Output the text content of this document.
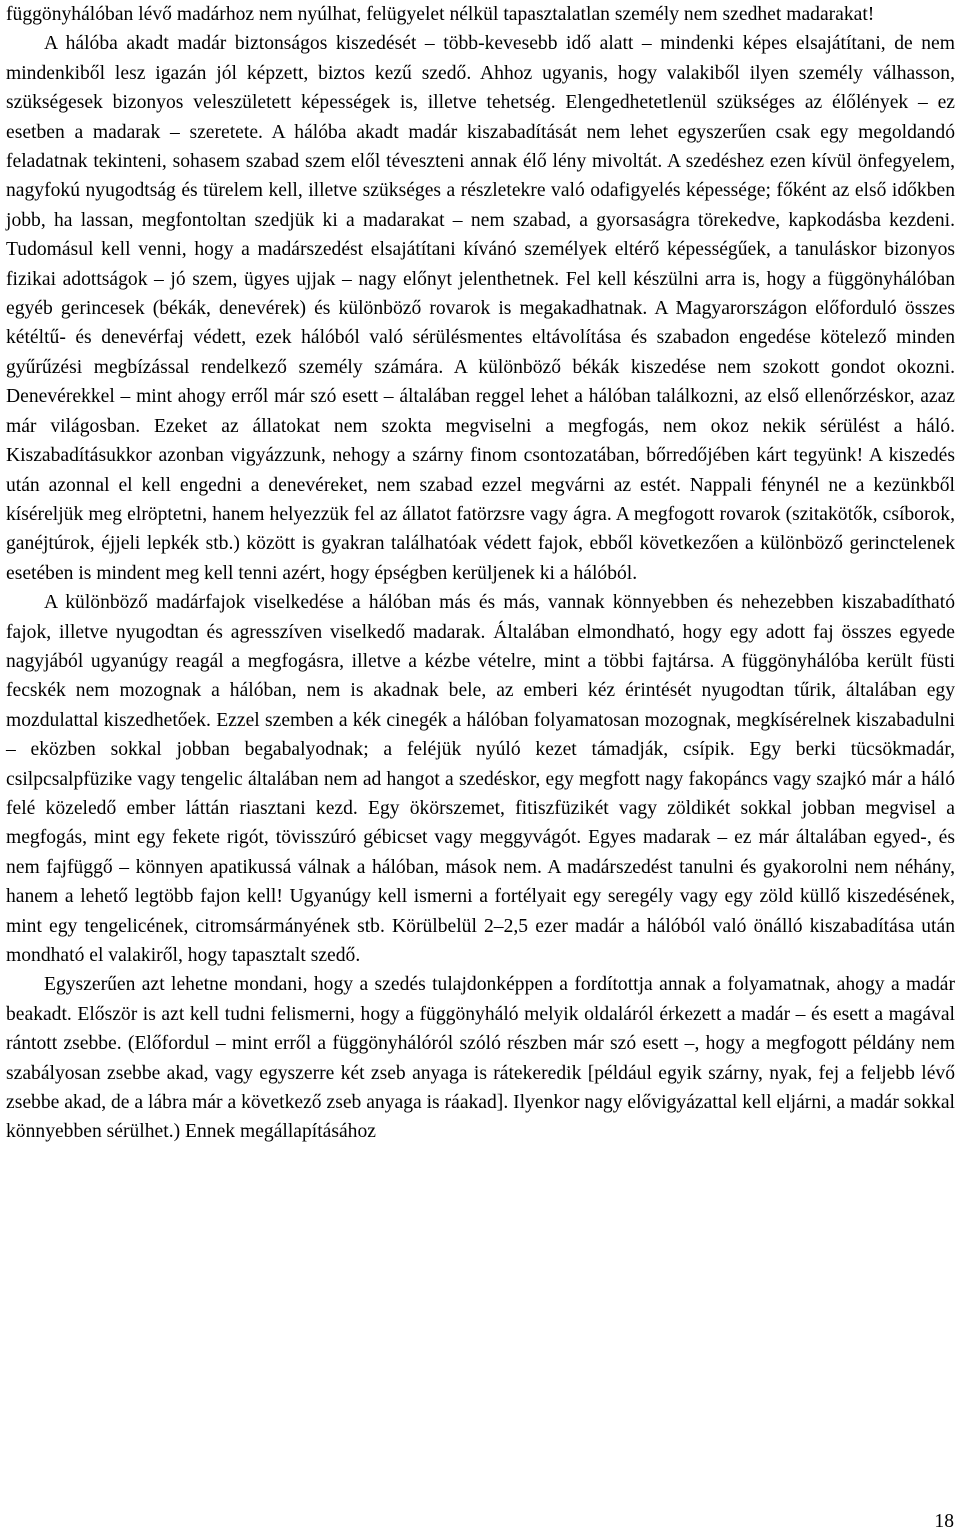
függönyhálóban lévő madárhoz nem nyúlhat, felügyelet nélkül tapasztalatlan személy nem szedhet madarakat!

A hálóba akadt madár biztonságos kiszedését ‒ több-kevesebb idő alatt ‒ mindenki képes elsajátítani, de nem mindenkiből lesz igazán jól képzett, biztos kezű szedő. Ahhoz ugyanis, hogy valakiből ilyen személy válhasson, szükségesek bizonyos veleszületett képességek is, illetve tehetség. Elengedhetetlenül szükséges az élőlények ‒ ez esetben a madarak ‒ szeretete. A hálóba akadt madár kiszabadítását nem lehet egyszerűen csak egy megoldandó feladatnak tekinteni, sohasem szabad szem elől téveszteni annak élő lény mivoltát. A szedéshez ezen kívül önfegyelem, nagyfokú nyugodtság és türelem kell, illetve szükséges a részletekre való odafigyelés képessége; főként az első időkben jobb, ha lassan, megfontoltan szedjük ki a madarakat ‒ nem szabad, a gyorsaságra törekedve, kapkodásba kezdeni. Tudomásul kell venni, hogy a madárszedést elsajátítani kívánó személyek eltérő képességűek, a tanuláskor bizonyos fizikai adottságok ‒ jó szem, ügyes ujjak ‒ nagy előnyt jelenthetnek. Fel kell készülni arra is, hogy a függönyhálóban egyéb gerincesek (békák, denevérek) és különböző rovarok is megakadhatnak. A Magyarországon előforduló összes kétéltű- és denevérfaj védett, ezek hálóból való sérülésmentes eltávolítása és szabadon engedése kötelező minden gyűrűzési megbízással rendelkező személy számára. A különböző békák kiszedése nem szokott gondot okozni. Denevérekkel ‒ mint ahogy erről már szó esett ‒ általában reggel lehet a hálóban találkozni, az első ellenőrzéskor, azaz már világosban. Ezeket az állatokat nem szokta megviselni a megfogás, nem okoz nekik sérülést a háló. Kiszabadításukkor azonban vigyázzunk, nehogy a szárny finom csontozatában, bőrredőjében kárt tegyünk! A kiszedés után azonnal el kell engedni a denevéreket, nem szabad ezzel megvárni az estét. Nappali fénynél ne a kezünkből kíséreljük meg elröptetni, hanem helyezzük fel az állatot fatörzsre vagy ágra. A megfogott rovarok (szitakötők, csíborok, ganéjtúrok, éjjeli lepkék stb.) között is gyakran találhatóak védett fajok, ebből következően a különböző gerinctelenek esetében is mindent meg kell tenni azért, hogy épségben kerüljenek ki a hálóból.

A különböző madárfajok viselkedése a hálóban más és más, vannak könnyebben és nehezebben kiszabadítható fajok, illetve nyugodtan és agresszíven viselkedő madarak. Általában elmondható, hogy egy adott faj összes egyede nagyjából ugyanúgy reagál a megfogásra, illetve a kézbe vételre, mint a többi fajtársa. A függönyhálóba került füsti fecskék nem mozognak a hálóban, nem is akadnak bele, az emberi kéz érintését nyugodtan tűrik, általában egy mozdulattal kiszedhetőek. Ezzel szemben a kék cinegék a hálóban folyamatosan mozognak, megkísérelnek kiszabadulni ‒ eközben sokkal jobban begabalyodnak; a feléjük nyúló kezet támadják, csípik. Egy berki tücsökmadár, csilpcsalpfüzike vagy tengelic általában nem ad hangot a szedéskor, egy megfott nagy fakopáncs vagy szajkó már a háló felé közeledő ember láttán riasztani kezd. Egy ökörszemet, fitiszfüzikét vagy zöldikét sokkal jobban megvisel a megfogás, mint egy fekete rigót, tövisszúró gébicset vagy meggyvágót. Egyes madarak ‒ ez már általában egyed-, és nem fajfüggő ‒ könnyen apatikussá válnak a hálóban, mások nem. A madárszedést tanulni és gyakorolni nem néhány, hanem a lehető legtöbb fajon kell! Ugyanúgy kell ismerni a fortélyait egy seregély vagy egy zöld küllő kiszedésének, mint egy tengelicének, citromsármányének stb. Körülbelül 2‒2,5 ezer madár a hálóból való önálló kiszabadítása után mondható el valakiről, hogy tapasztalt szedő.

Egyszerűen azt lehetne mondani, hogy a szedés tulajdonképpen a fordítottja annak a folyamatnak, ahogy a madár beakadt. Először is azt kell tudni felismerni, hogy a függönyháló melyik oldaláról érkezett a madár ‒ és esett a magával rántott zsebbe. (Előfordul ‒ mint erről a függönyhálóról szóló részben már szó esett ‒, hogy a megfogott példány nem szabályosan zsebbe akad, vagy egyszerre két zseb anyaga is rátekeredik [például egyik szárny, nyak, fej a feljebb lévő zsebbe akad, de a lábra már a következő zseb anyaga is ráakad]. Ilyenkor nagy elővigyázattal kell eljárni, a madár sokkal könnyebben sérülhet.) Ennek megállapításához

18
